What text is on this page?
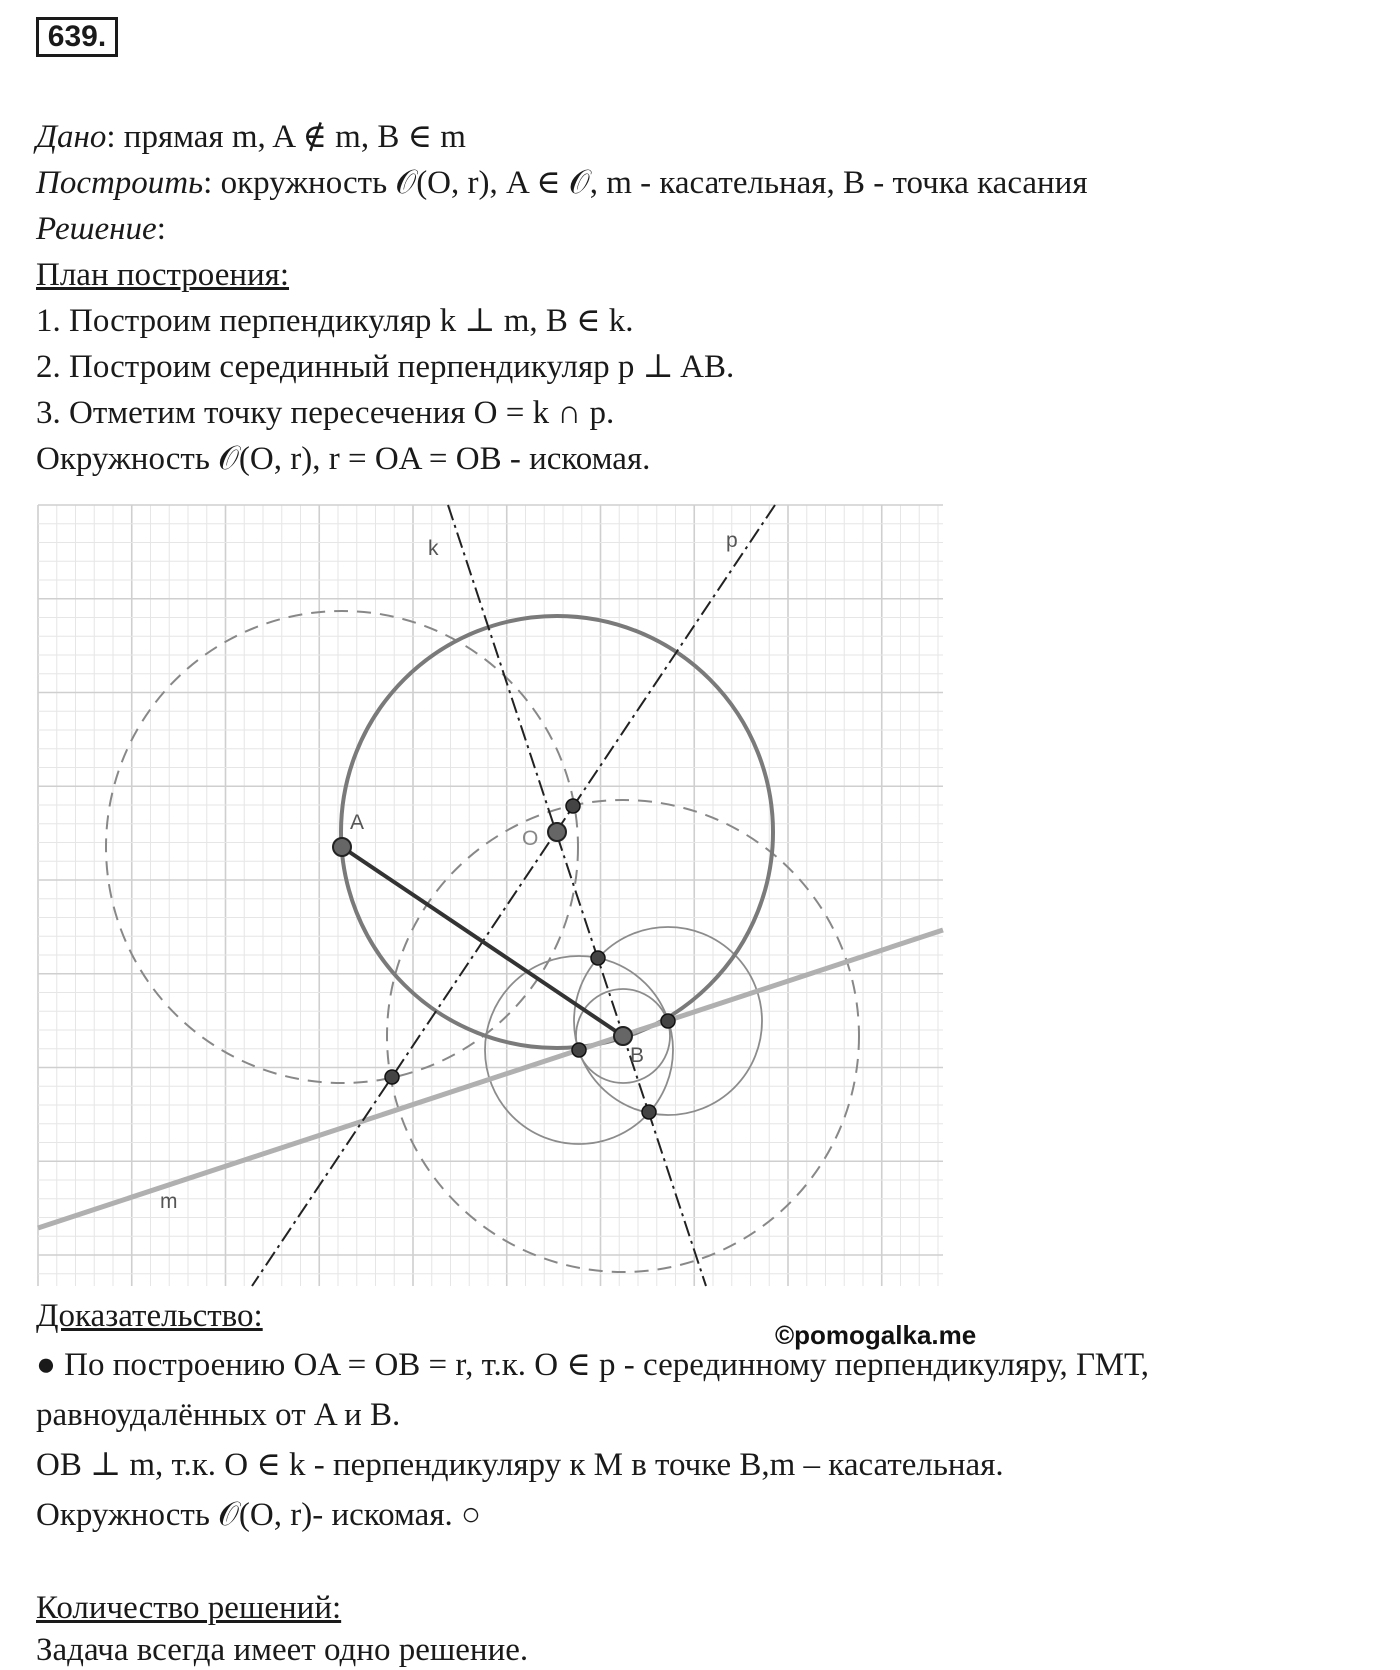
639.
Дано: прямая m, A ∉ m, B ∈ m
Построить: окружность 𝒪(O, r), A ∈ 𝒪, m - касательная, B - точка касания
Решение:
План построения:
1. Построим перпендикуляр k ⊥ m, B ∈ k.
2. Построим серединный перпендикуляр p ⊥ AB.
3. Отметим точку пересечения O = k ∩ p.
Окружность 𝒪(O, r), r = OA = OB - искомая.
k	p
A
O
B
m
Доказательство:
● По построению OA = OB = r, т.к. O ∈ p - серединному перпендикуляру, ГМТ,
равноудалённых от A и B.
OB ⊥ m, т.к. O ∈ k - перпендикуляру к M в точке B,m – касательная.
Окружность 𝒪(O, r)- искомая. ○
©pomogalka.me
Количество решений:
Задача всегда имеет одно решение.
